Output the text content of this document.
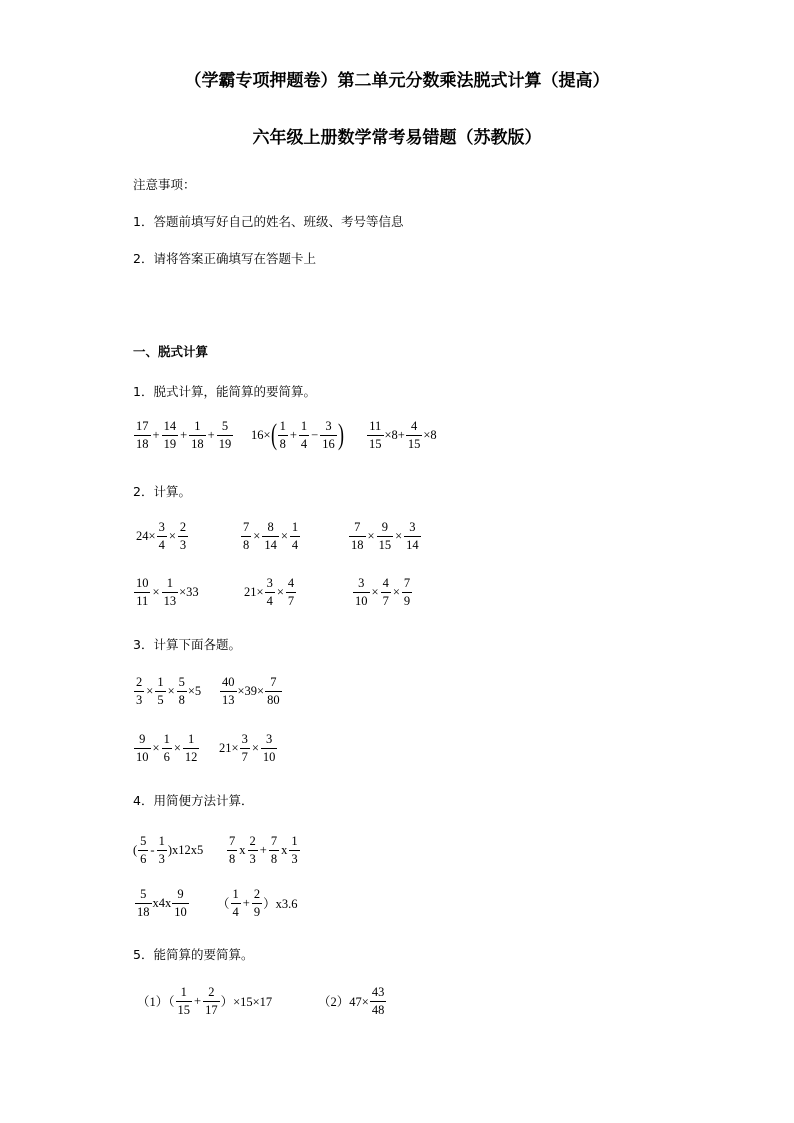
（学霸专项押题卷）第二单元分数乘法脱式计算（提高）
六年级上册数学常考易错题（苏教版）
注意事项：
1．答题前填写好自己的姓名、班级、考号等信息
2．请将答案正确填写在答题卡上
一、脱式计算
1．脱式计算，能简算的要简算。
$\frac{17}{18} + \frac{14}{19} + \frac{1}{18} + \frac{5}{19} 16\times$ ( $\frac{1}{8} + \frac{1}{4} - \frac{3}{16}$ ) $\frac{11}{15} \times 8+ \frac{4}{15} \times 8$
2．计算。
$24\times \frac{3}{4} \times \frac{2}{3}$	$\frac{7}{8} \times \frac{8}{14} \times \frac{1}{4}$	$\frac{7}{18} \times \frac{9}{15} \times \frac{3}{14}$
$\frac{10}{11} \times \frac{1}{13} \times 33$	$21\times \frac{3}{4} \times \frac{4}{7}$	$\frac{3}{10} \times \frac{4}{7} \times \frac{7}{9}$
3．计算下面各题。
$\frac{2}{3} \times \frac{1}{5} \times \frac{5}{8} \times 5 \frac{40}{13} \times 39\times \frac{7}{80}$
$\frac{9}{10} \times \frac{1}{6} \times \frac{1}{12} 21\times \frac{3}{7} \times \frac{3}{10}$
4．用简便方法计算．
( $\frac{5}{6} - \frac{1}{3} )x12x5 \frac{7}{8}$ x $\frac{2}{3} + \frac{7}{8}$ x $\frac{1}{3}$
$\frac{5}{18} x4x \frac{9}{10}$ （ $\frac{1}{4} + \frac{2}{9} )x3.6$
5．能简算的要简算。
$(1)( \frac{1}{15} + \frac{2}{17} )\times 15\times 17$	$(2)47\times \frac{43}{48}$
